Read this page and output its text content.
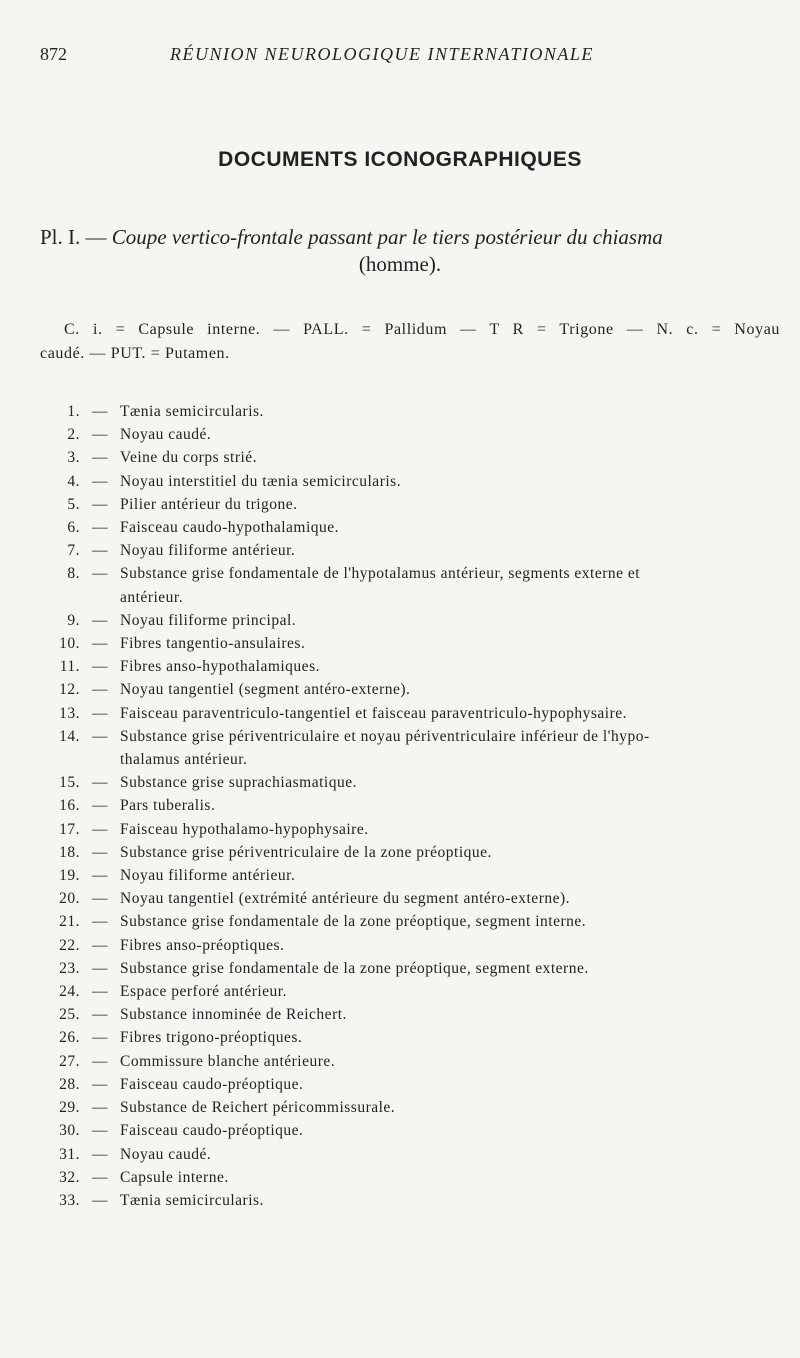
872	RÉUNION NEUROLOGIQUE INTERNATIONALE
DOCUMENTS ICONOGRAPHIQUES
Pl. I. — Coupe vertico-frontale passant par le tiers postérieur du chiasma
(homme).

C. i. = Capsule interne. — PALL. = Pallidum — T R = Trigone — N. c. = Noyau

caudé. — PUT. = Putamen.

1. — Tænia semicircularis.
2. — Noyau caudé.
3. — Veine du corps strié.
4. — Noyau interstitiel du tænia semicircularis.
5. — Pilier antérieur du trigone.
6. — Faisceau caudo-hypothalamique.
7. — Noyau filiforme antérieur.
8. — Substance grise fondamentale de l'hypotalamus antérieur, segments externe et
antérieur.
9. — Noyau filiforme principal.
10. — Fibres tangentio-ansulaires.
11. — Fibres anso-hypothalamiques.
12. — Noyau tangentiel (segment antéro-externe).
13. — Faisceau paraventriculo-tangentiel et faisceau paraventriculo-hypophysaire.
14. — Substance grise périventriculaire et noyau périventriculaire inférieur de l'hypo-
thalamus antérieur.
15. — Substance grise suprachiasmatique.
16. — Pars tuberalis.
17. — Faisceau hypothalamo-hypophysaire.
18. — Substance grise périventriculaire de la zone préoptique.
19. — Noyau filiforme antérieur.
20. — Noyau tangentiel (extrémité antérieure du segment antéro-externe).
21. — Substance grise fondamentale de la zone préoptique, segment interne.
22. — Fibres anso-préoptiques.
23. — Substance grise fondamentale de la zone préoptique, segment externe.
24. — Espace perforé antérieur.
25. — Substance innominée de Reichert.
26. — Fibres trigono-préoptiques.
27. — Commissure blanche antérieure.
28. — Faisceau caudo-préoptique.
29. — Substance de Reichert péricommissurale.
30. — Faisceau caudo-préoptique.
31. — Noyau caudé.
32. — Capsule interne.
33. — Tænia semicircularis.
